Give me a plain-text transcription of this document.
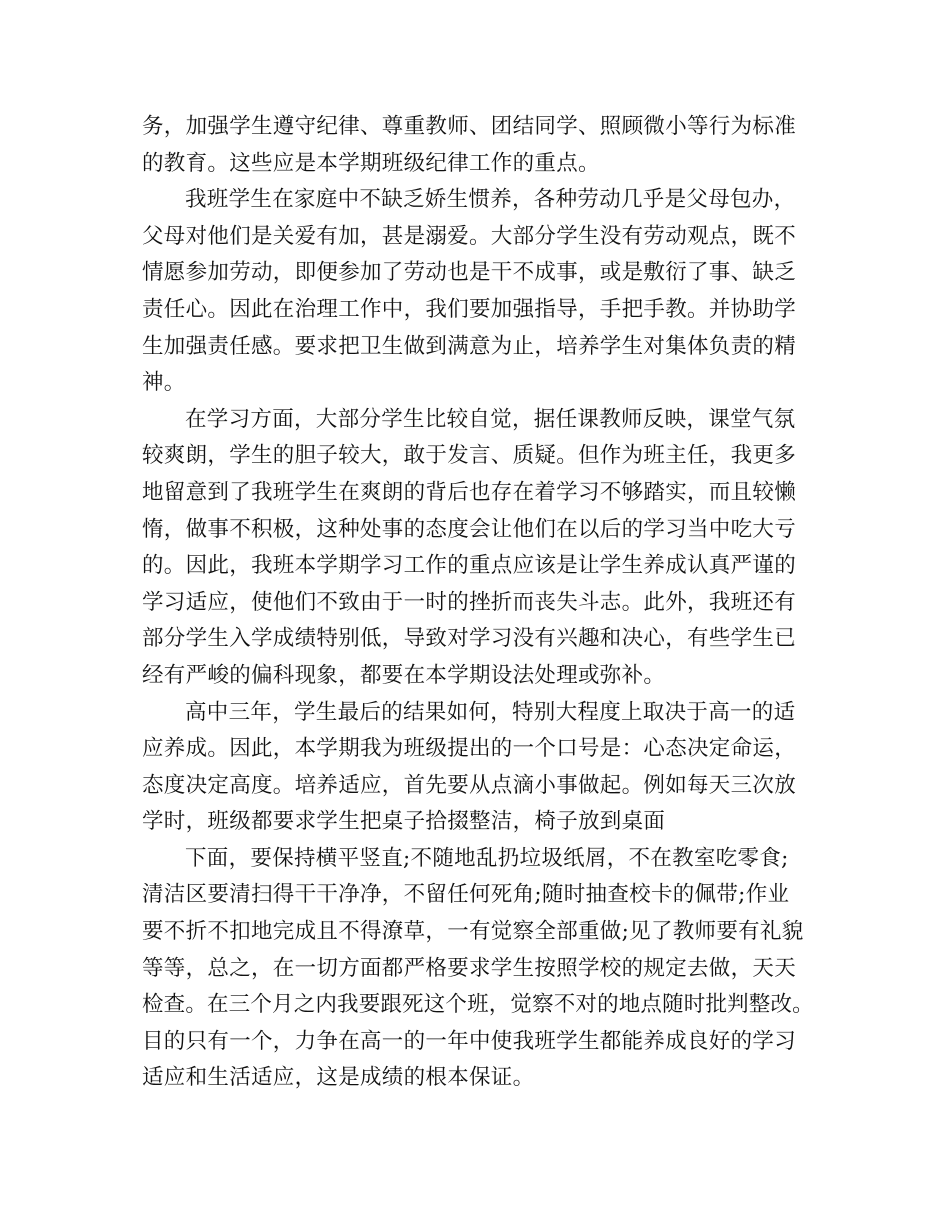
务，加强学生遵守纪律、尊重教师、团结同学、照顾微小等行为标准
的教育。这些应是本学期班级纪律工作的重点。
我班学生在家庭中不缺乏娇生惯养，各种劳动几乎是父母包办，
父母对他们是关爱有加，甚是溺爱。大部分学生没有劳动观点，既不
情愿参加劳动，即便参加了劳动也是干不成事，或是敷衍了事、缺乏
责任心。因此在治理工作中，我们要加强指导，手把手教。并协助学
生加强责任感。要求把卫生做到满意为止，培养学生对集体负责的精
神。
在学习方面，大部分学生比较自觉，据任课教师反映，课堂气氛
较爽朗，学生的胆子较大，敢于发言、质疑。但作为班主任，我更多
地留意到了我班学生在爽朗的背后也存在着学习不够踏实，而且较懒
惰，做事不积极，这种处事的态度会让他们在以后的学习当中吃大亏
的。因此，我班本学期学习工作的重点应该是让学生养成认真严谨的
学习适应，使他们不致由于一时的挫折而丧失斗志。此外，我班还有
部分学生入学成绩特别低，导致对学习没有兴趣和决心，有些学生已
经有严峻的偏科现象，都要在本学期设法处理或弥补。
高中三年，学生最后的结果如何，特别大程度上取决于高一的适
应养成。因此，本学期我为班级提出的一个口号是：心态决定命运，
态度决定高度。培养适应，首先要从点滴小事做起。例如每天三次放
学时，班级都要求学生把桌子拾掇整洁，椅子放到桌面
下面，要保持横平竖直;不随地乱扔垃圾纸屑，不在教室吃零食;
清洁区要清扫得干干净净，不留任何死角;随时抽查校卡的佩带;作业
要不折不扣地完成且不得潦草，一有觉察全部重做;见了教师要有礼貌
等等，总之，在一切方面都严格要求学生按照学校的规定去做，天天
检查。在三个月之内我要跟死这个班，觉察不对的地点随时批判整改。
目的只有一个，力争在高一的一年中使我班学生都能养成良好的学习
适应和生活适应，这是成绩的根本保证。
